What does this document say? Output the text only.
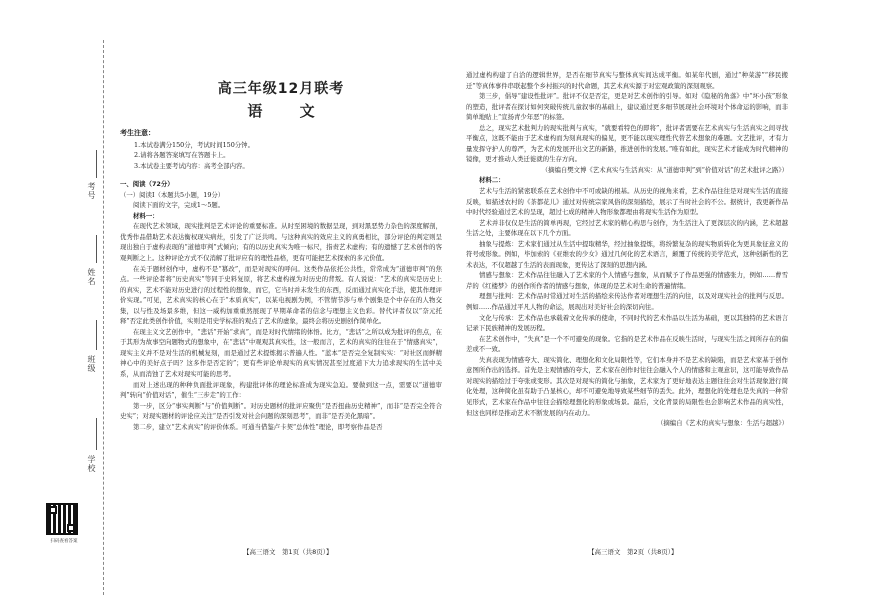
考号
姓名
班级
学校
扫码查看答案
高三年级12月联考
语 文
考生注意：
1.本试卷满分150分，考试时间150分钟。
2.请将各题答案填写在答题卡上。
3.本试卷主要考试内容：高考全部内容。
一、阅读（72分）
（一）阅读Ⅰ（本题共5小题，19分）
阅读下面的文字，完成1～5题。
材料一：

在现代艺术领域，现实批判是艺术评论的重要标准。从时至困境的数据呈现，到对黑恶势力杂色的深度解剖，优秀作品借助艺术表达衡权现实病灶，引发了广泛共鸣。与这种真实的效应主义的真勇相比，部分评论的判定则呈现出独自于虚构表现的“道德审判”式倾向；有的以历史真实为唯一标尺，指责艺术虚构；有的遗憾了艺术创作的客观判断之上。这种评论方式不仅消解了批评应有的理性品格，更有可能把艺术探索的多元价值。

在关于题材创作中，虚构不是“篡改”，而是对现实的呼问。这类作品依托公共性，常常成为“道德审判”的焦点。一些评论者将“历史真实”等同于史料复原，将艺术虚构视为对历史的背叛。有人说说：“艺术的真实是历史上的真实，艺术不能对历史进行的过程性的想象，而它，它当时并未发生的东西，反而通过真实化手法，使其作理评价实现。”可见，艺术真实的核心在于“本质真实”，以某电视剧为例，不管情节涉与单个剧集是个中存在的人物交集，以与性及场景多维，但这一威构加重重然展现了早期革命者的信念与理想主义色彩。替代评者仅以“奈元托释”否定此类创作价值，实则是用史学标准的观点了艺术的虚象，最终会将历史剧创作简单化。

在现主义文艺创作中，“悲话”开始“求真”，而是对时代情绪的体悟。比方，“悲话”之所以成为批评的焦点，在于其形为故事空向题物式的想象中，在“悲话”中观观其真实性，这一般而言，艺术的真实的往往在于“情感真实”，现实主义并不是对生活的机械复刻，而是通过艺术提炼揭示普遍人性。“蓝本”是否完全复制实实：“对社区而鲜精神心中的美好点子吗？这多作是否定的”；更有些评论单现实的真实情况甚至过度道下大力追求现实的生活中关系，从而消蚀了艺术对现实可能的思考。

而对上述出现的种种负面批评现象，构建批评体的理论标准成为现实急迫。要做到这一点，需要以“道德审判”转向“价值对话”，催生“三步走”的工作：

第一步，区分“事实判断”与“价值判断”。对历史题材的批评应聚焦“是否扭曲历史精神”，而非“是否完全符合史实”；对现实题材的评论应关注“是否引发对社会问题的深刻思考”，而非“是否美化黑暗”。

第二步，建立“艺术真实”的评价体系。可通当借鉴卢卡契“总体性”理论，即考察作品是否

通过虚构构建了自洽的逻辑世界，是否在细节真实与整体真实间达成平衡。如某年代剧，通过“种菜游”“移民搬迁”等真体事件串联起整个乡村振兴的时代命题，其艺术真实源于对宏观政策的深刻观察。

第三步，倡导“建设性批评”。批评不仅是否定，更是对艺术创作的引导。如对《隐秘的角落》中“坏小孩”形象的塑造，批评者在探讨如何突破传统儿童叙事的基础上，建议通过更多细节展现社会环境对个体命运的影响，而非简单地贴上“宣扬青少年恶”的标签。

总之，现实艺术批判力的现实批判与真实，“就要看特色的即将”，批评者需要在艺术真实与生活真实之间寻找平衡点，这既不能由于艺术虚构而为刻真现实的偏见，更不能以现实理性代替艺术想象的难题。文艺批评，才有力量发挥守护人的尊严，为艺术的发展开出文艺的新路，推进创作的发展。”唯有如此，现实艺术才能成为时代精神的镜像，更才推动人类迁徙就的生存方向。

（摘编自樊文博《艺术真实与生活真实：从“道德审判”到“价值对话”的艺术批评之路》）
材料二：

艺术与生活的紧密联系在艺术创作中不可或缺的根基。从历史的视角来看，艺术作品往往是对现实生活的直接反映，如描述农村的《茶都花儿》通过对传统宗家风俗的深刻描绘，展示了当时社会的不公。据统计，我更新作品中时代经验通过艺术的呈现，超过七成的精神人物形象都理由将现实生活作为原型。

艺术并非仅仅是生活的简单再现，它经过艺术家的精心构思与创作，为生活注入了更深层次的内涵，艺术超越生活之处，主要体现在以下几个方面。

抽象与提炼：艺术家们通过从生活中提取精华，经过抽象提炼，将纷繁复杂的现实物质转化为更具象征意义的符号或形象。例如，毕加索的《亚维农的少女》通过几何化的艺术语言，颠覆了传统的美学范式，这种创新性的艺术表达，不仅超越了生活的表面现象，更传达了深刻的思想内涵。

情感与想象：艺术作品往往融入了艺术家的个人情感与想象，从而赋予了作品更强的情感张力，例如……曹雪芹的《红楼梦》的创作所作者的情感与想象，体现的是艺术对生命的普遍情绪。

理想与批判：艺术作品时常通过对生活的描绘来传达作者对理想生活的向往，以及对现实社会的批判与反思。例如……作品通过平凡人物的命运，展现出对美好社会的深切向往。

文化与传承：艺术作品也承载着文化传承的使命，不同时代的艺术作品以生活为基础，更以其独特的艺术语言记录下民族精神的发展历程。

在艺术创作中，“失真”是一个不可避免的现象。它指的是艺术作品在反映生活时，与现实生活之间所存在的偏差或不一致。

失真表现为情感夸大、现实简化、理想化和文化局限性等，它们本身并不是艺术的缺陷，而是艺术家基于创作意图所作出的选择。首先是主观情感的夸大，艺术家在创作时往往会融入个人的情感和主观意识，这可能导致作品对现实的描绘过于夸张或变形。其次是对现实的简化与抽象，艺术家为了更好地表达主题往往会对生活现象进行简化处理，这种简化虽有助于凸显核心，却不可避免地导致某些细节的丢失。此外，理想化的处理也是失真的一种常见形式，艺术家在作品中往往会描绘理想化的形象或场景。最后，文化背景的局限性也会影响艺术作品的真实性，但这也同样是推动艺术不断发展的内在动力。

（摘编自《艺术的真实与想象：生活与超越》）
【高三语文　第1页（共8页）】	【高三语文　第2页（共8页）】
